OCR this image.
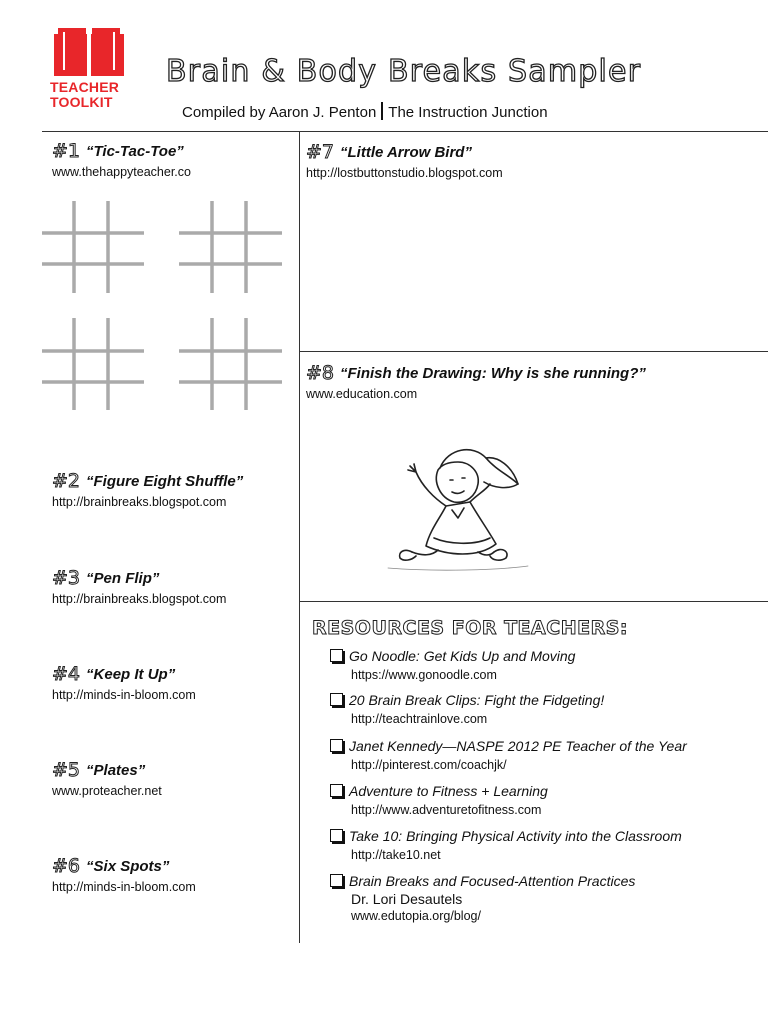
TEACHER
TOOLKIT
Brain & Body Breaks Sampler
Compiled by Aaron J. Penton The Instruction Junction
#1 “Tic-Tac-Toe”
www.thehappyteacher.co
#2 “Figure Eight Shuffle”
http://brainbreaks.blogspot.com
#3 “Pen Flip”
http://brainbreaks.blogspot.com
#4 “Keep It Up”
http://minds-in-bloom.com
#5 “Plates”
www.proteacher.net
#6 “Six Spots”
http://minds-in-bloom.com
#7 “Little Arrow Bird”
http://lostbuttonstudio.blogspot.com
#8 “Finish the Drawing: Why is she running?”
www.education.com
RESOURCES FOR TEACHERS:
Go Noodle: Get Kids Up and Moving
https://www.gonoodle.com
20 Brain Break Clips: Fight the Fidgeting!
http://teachtrainlove.com
Janet Kennedy—NASPE 2012 PE Teacher of the Year
http://pinterest.com/coachjk/
Adventure to Fitness + Learning
http://www.adventuretofitness.com
Take 10: Bringing Physical Activity into the Classroom
http://take10.net
Brain Breaks and Focused-Attention Practices
Dr. Lori Desautels
www.edutopia.org/blog/
